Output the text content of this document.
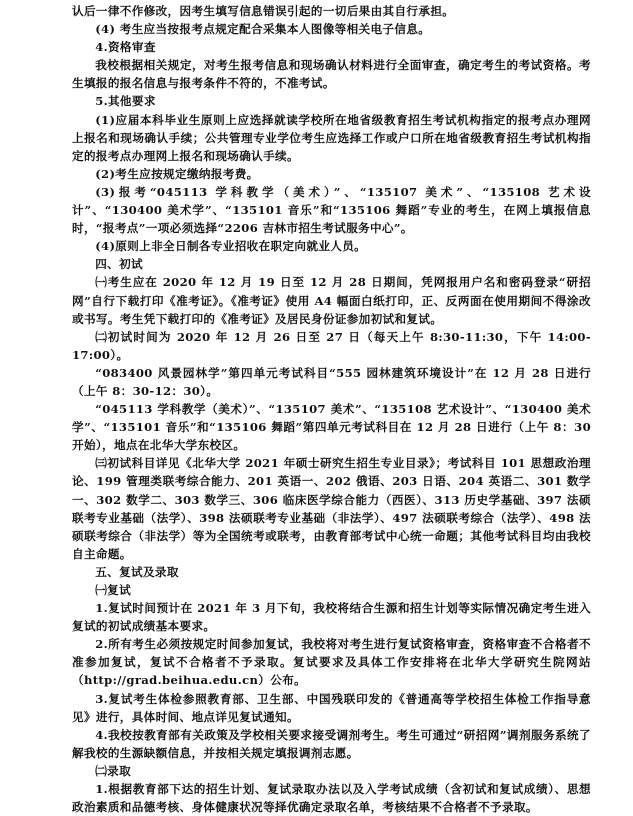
认后一律不作修改，因考生填写信息错误引起的一切后果由其自行承担。

(4) 考生应当按报考点规定配合采集本人图像等相关电子信息。

4.资格审查

我校根据相关规定，对考生报考信息和现场确认材料进行全面审查，确定考生的考试资格。考生填报的报名信息与报考条件不符的，不准考试。

5.其他要求

(1)应届本科毕业生原则上应选择就读学校所在地省级教育招生考试机构指定的报考点办理网上报名和现场确认手续；公共管理专业学位考生应选择工作或户口所在地省级教育招生考试机构指定的报考点办理网上报名和现场确认手续。

(2)考生应按规定缴纳报考费。

(3)报考“045113 学科教学（美术）”、“135107 美术”、“135108 艺术设计”、“130400 美术学”、“135101 音乐”和“135106 舞蹈”专业的考生，在网上填报信息时，“报考点”一项必须选择“2206 吉林市招生考试服务中心”。

(4)原则上非全日制各专业招收在职定向就业人员。

四、初试

㈠考生应在 2020 年 12 月 19 日至 12 月 28 日期间，凭网报用户名和密码登录“研招网”自行下载打印《准考证》。《准考证》使用 A4 幅面白纸打印，正、反两面在使用期间不得涂改或书写。考生凭下载打印的《准考证》及居民身份证参加初试和复试。

㈡初试时间为 2020 年 12 月 26 日至 27 日（每天上午 8:30-11:30，下午 14:00-17:00）。

“083400 风景园林学”第四单元考试科目“555 园林建筑环境设计”在 12 月 28 日进行（上午 8：30-12：30）。

“045113 学科教学（美术）”、“135107 美术”、“135108 艺术设计”、“130400 美术学”、“135101 音乐”和“135106 舞蹈”第四单元考试科目在 12 月 28 日进行（上午 8：30 开始），地点在北华大学东校区。

㈢初试科目详见《北华大学 2021 年硕士研究生招生专业目录》；考试科目 101 思想政治理论、199 管理类联考综合能力、201 英语一、202 俄语、203 日语、204 英语二、301 数学一、302 数学二、303 数学三、306 临床医学综合能力（西医）、313 历史学基础、397 法硕联考专业基础（法学）、398 法硕联考专业基础（非法学）、497 法硕联考综合（法学）、498 法硕联考综合（非法学）等为全国统考或联考，由教育部考试中心统一命题；其他考试科目均由我校自主命题。

五、复试及录取

㈠复试

1.复试时间预计在 2021 年 3 月下旬，我校将结合生源和招生计划等实际情况确定考生进入复试的初试成绩基本要求。

2.所有考生必须按规定时间参加复试，我校将对考生进行复试资格审查，资格审查不合格者不准参加复试，复试不合格者不予录取。复试要求及具体工作安排将在北华大学研究生院网站（http://grad.beihua.edu.cn）公布。

3.复试考生体检参照教育部、卫生部、中国残联印发的《普通高等学校招生体检工作指导意见》进行，具体时间、地点详见复试通知。

4.我校按教育部有关政策及学校相关要求接受调剂考生。考生可通过“研招网”调剂服务系统了解我校的生源缺额信息，并按相关规定填报调剂志愿。

㈡录取

1.根据教育部下达的招生计划、复试录取办法以及入学考试成绩（含初试和复试成绩）、思想政治素质和品德考核、身体健康状况等择优确定录取名单，考核结果不合格者不予录取。
